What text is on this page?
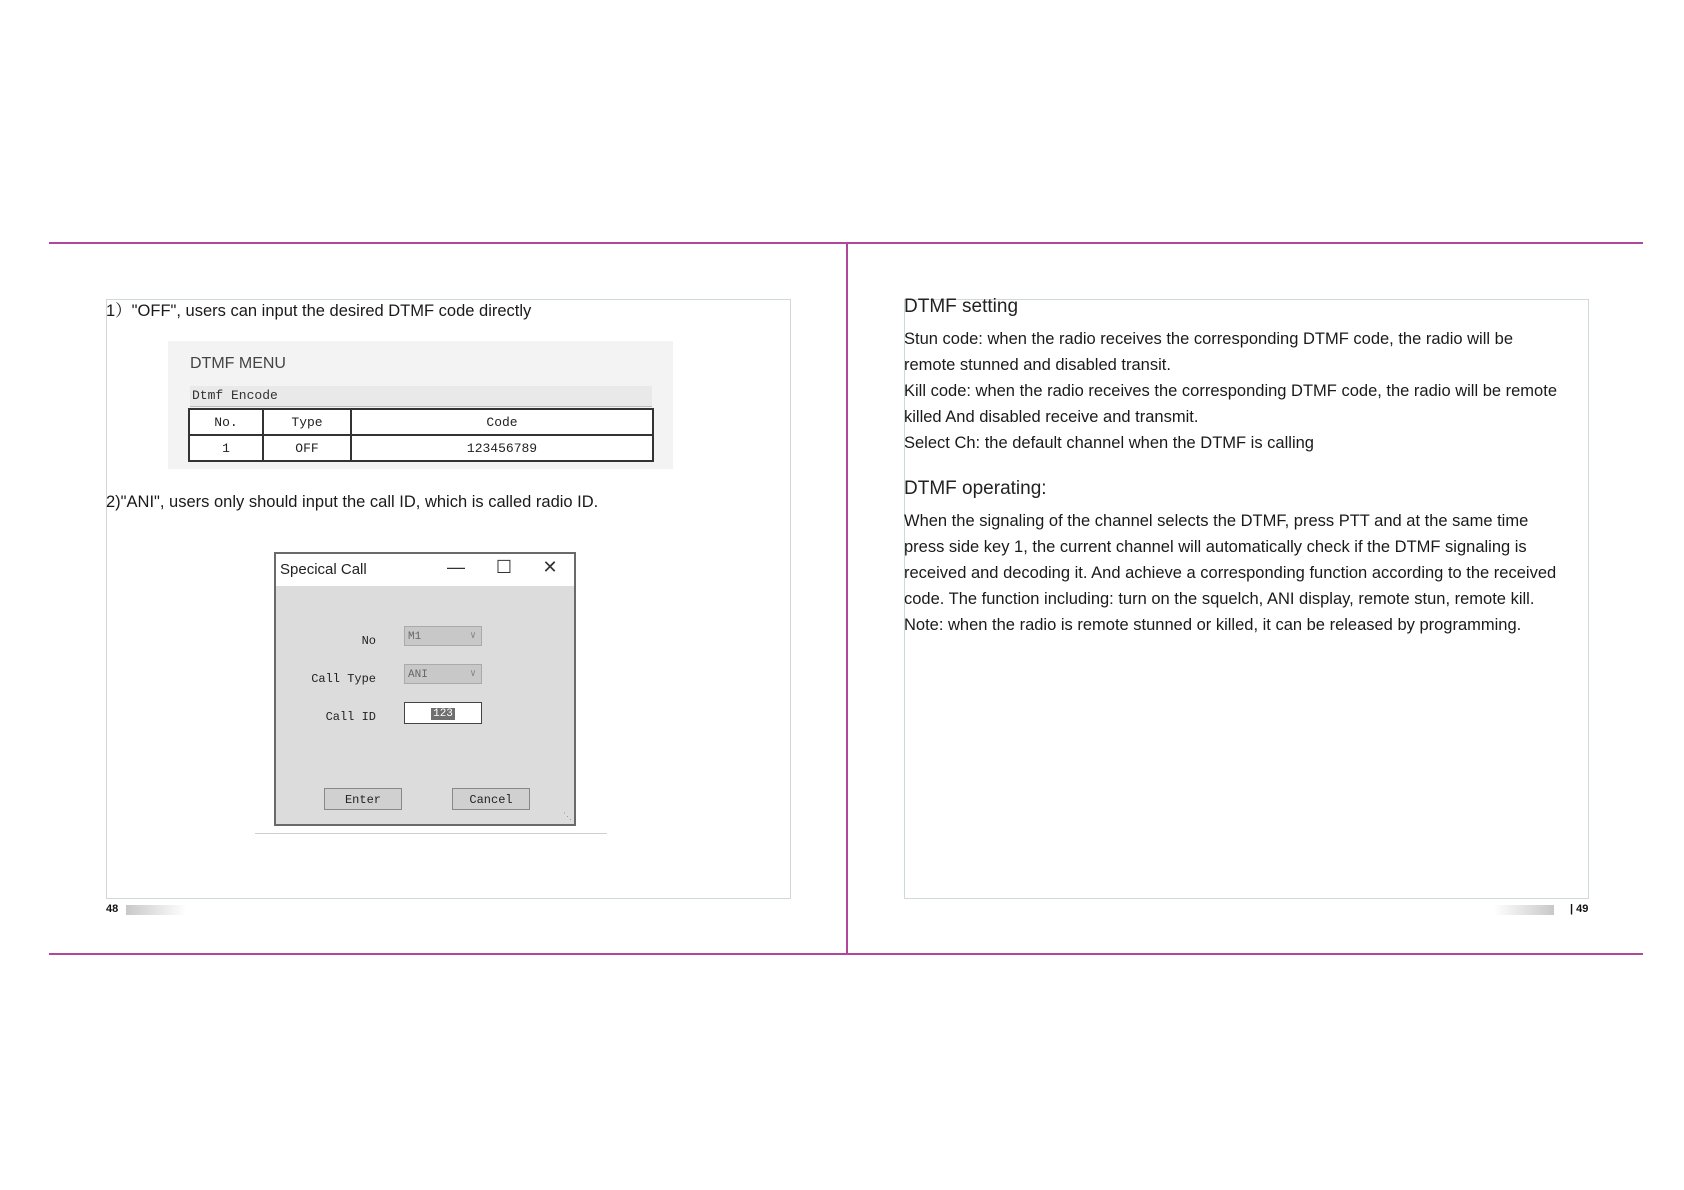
1）"OFF", users can input the desired DTMF code directly
DTMF MENU
Dtmf Encode
No.	Type	Code
1	OFF	123456789
2)"ANI", users only should input the call ID, which is called radio ID.
Specical Call	—	☐	✕
No	M1	∨
Call Type	ANI	∨
Call ID	123
Enter	Cancel
⋱
48
DTMF setting
Stun code: when the radio receives the corresponding DTMF code, the radio will be
remote stunned and disabled transit.
Kill code: when the radio receives the corresponding DTMF code, the radio will be remote
killed And disabled receive and transmit.
Select Ch: the default channel when the DTMF is calling
DTMF operating:
When the signaling of the channel selects the DTMF, press PTT and at the same time
press side key 1, the current channel will automatically check if the DTMF signaling is
received and decoding it. And achieve a corresponding function according to the received
code. The function including: turn on the squelch, ANI display, remote stun, remote kill.
Note: when the radio is remote stunned or killed, it can be released by programming.
| 49
